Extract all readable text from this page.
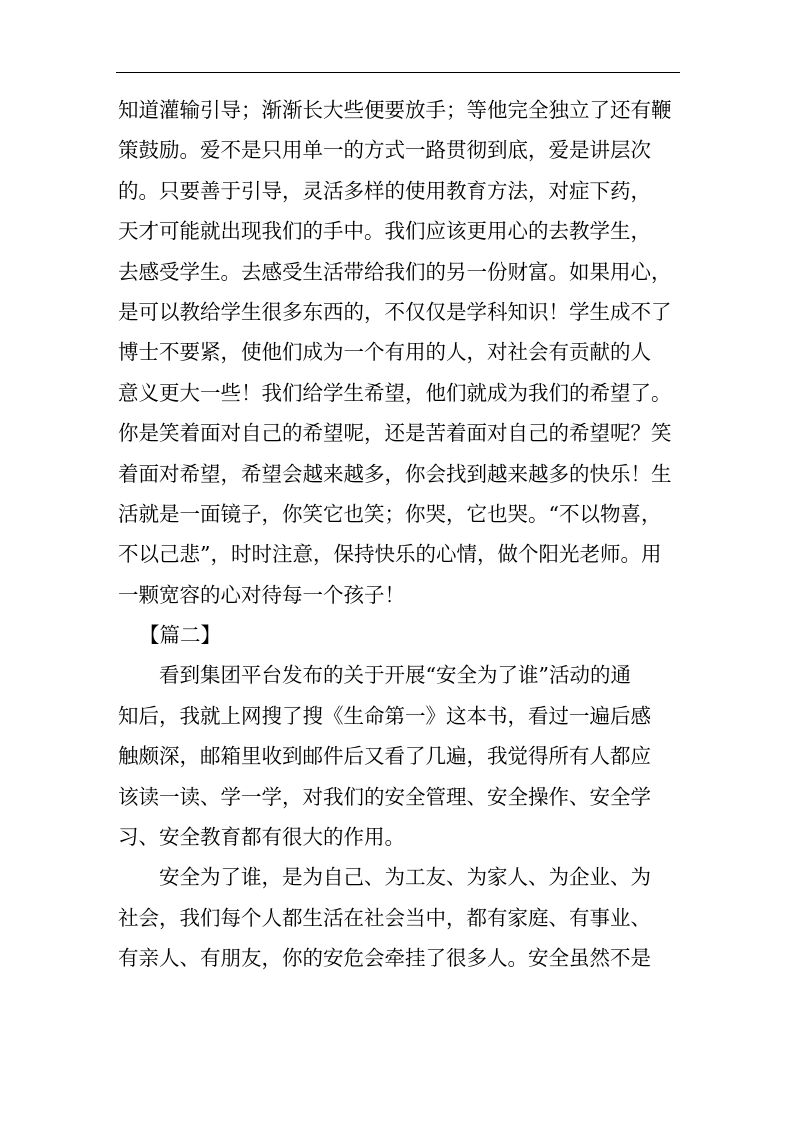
知道灌输引导；渐渐长大些便要放手；等他完全独立了还有鞭
策鼓励。爱不是只用单一的方式一路贯彻到底，爱是讲层次
的。只要善于引导，灵活多样的使用教育方法，对症下药，
天才可能就出现我们的手中。我们应该更用心的去教学生，
去感受学生。去感受生活带给我们的另一份财富。如果用心，
是可以教给学生很多东西的，不仅仅是学科知识！学生成不了
博士不要紧，使他们成为一个有用的人，对社会有贡献的人
意义更大一些！我们给学生希望，他们就成为我们的希望了。
你是笑着面对自己的希望呢，还是苦着面对自己的希望呢？笑
着面对希望，希望会越来越多，你会找到越来越多的快乐！生
活就是一面镜子，你笑它也笑；你哭，它也哭。“不以物喜，
不以己悲”，时时注意，保持快乐的心情，做个阳光老师。用
一颗宽容的心对待每一个孩子！
【篇二】
看到集团平台发布的关于开展“安全为了谁”活动的通
知后，我就上网搜了搜《生命第一》这本书，看过一遍后感
触颇深，邮箱里收到邮件后又看了几遍，我觉得所有人都应
该读一读、学一学，对我们的安全管理、安全操作、安全学
习、安全教育都有很大的作用。
安全为了谁，是为自己、为工友、为家人、为企业、为
社会，我们每个人都生活在社会当中，都有家庭、有事业、
有亲人、有朋友，你的安危会牵挂了很多人。安全虽然不是
